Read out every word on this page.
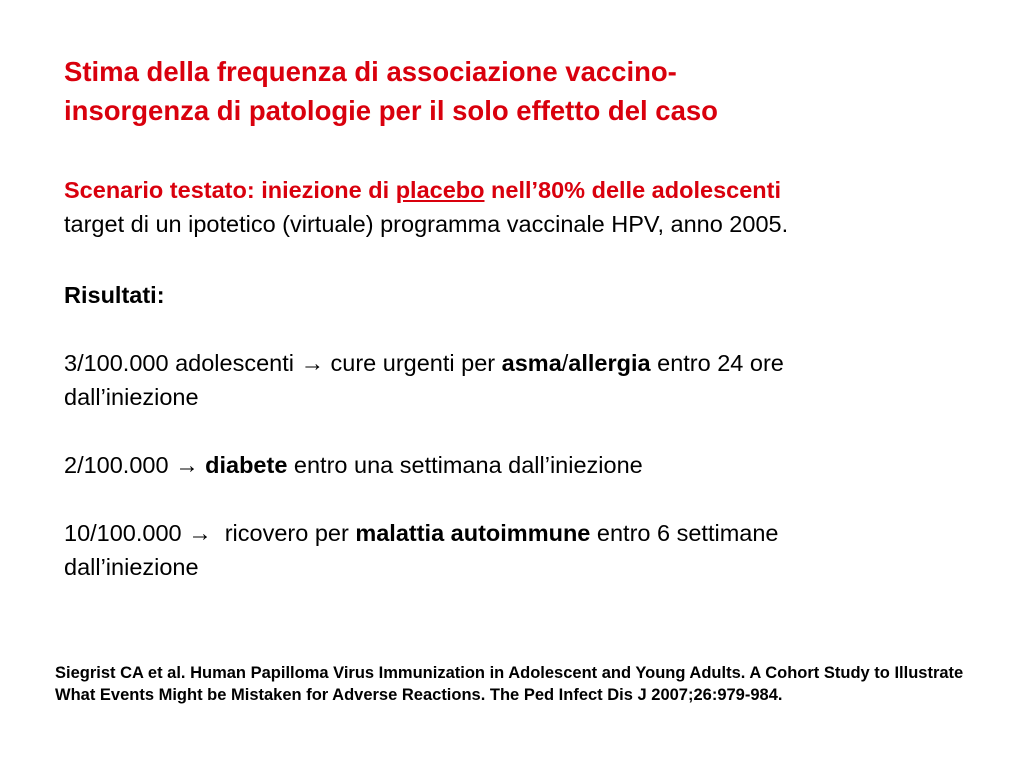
Stima della frequenza di associazione vaccino-
insorgenza di patologie per il solo effetto del caso
Scenario testato: iniezione di placebo nell’80% delle adolescenti
target di un ipotetico (virtuale) programma vaccinale HPV, anno 2005.
Risultati:
3/100.000 adolescenti → cure urgenti per asma/allergia entro 24 ore
dall’iniezione
2/100.000 → diabete entro una settimana dall’iniezione
10/100.000 → ricovero per malattia autoimmune entro 6 settimane
dall’iniezione

Siegrist CA et al. Human Papilloma Virus Immunization in Adolescent and Young Adults. A Cohort Study to Illustrate What Events Might be Mistaken for Adverse Reactions. The Ped Infect Dis J 2007;26:979-984.
